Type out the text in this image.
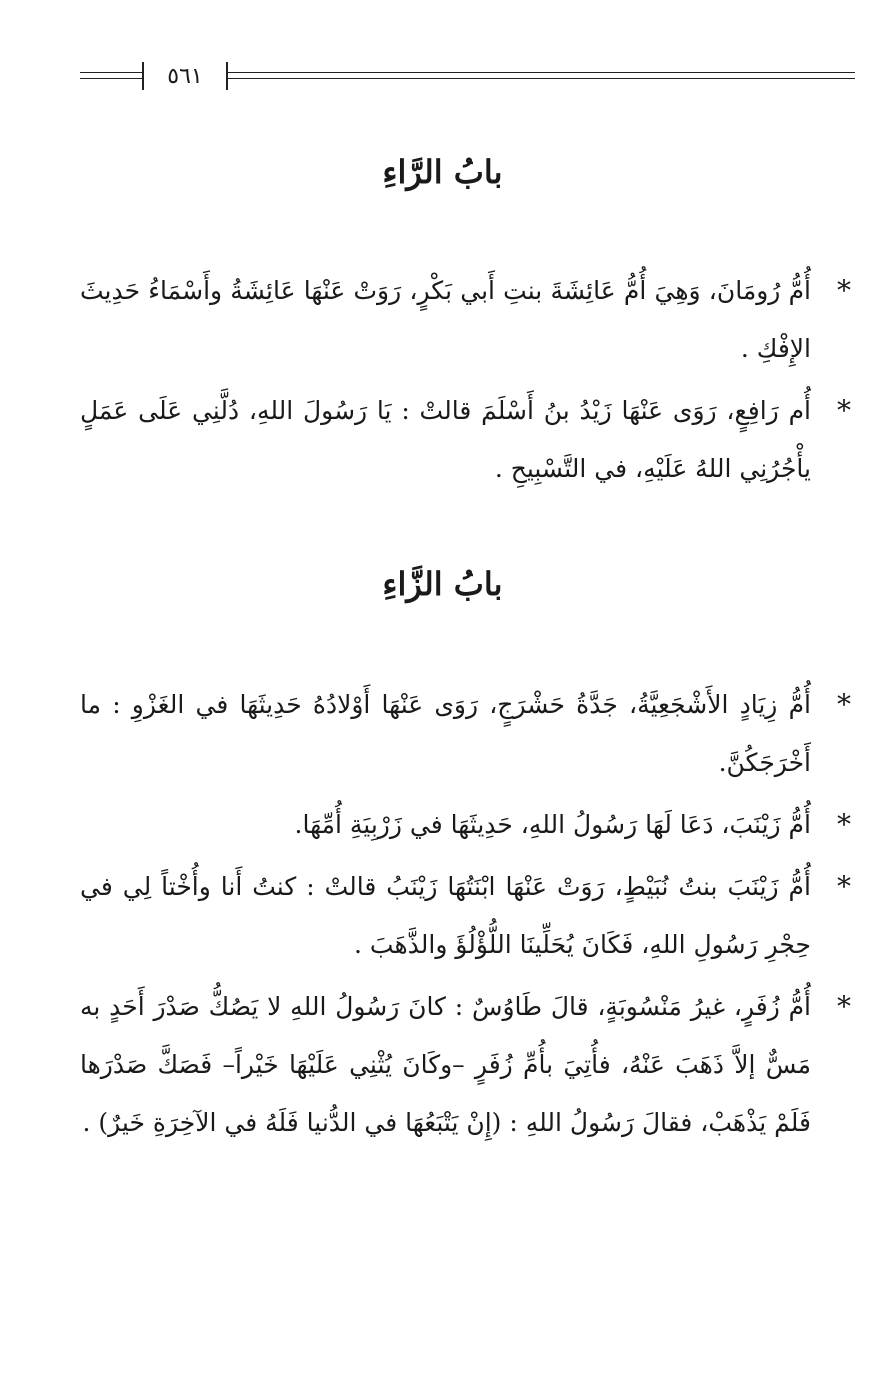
٥٦١
بابُ الرَّاءِ

*
أُمُّ رُومَانَ، وَهِيَ أُمُّ عَائِشَةَ بنتِ أَبي بَكْرٍ، رَوَتْ عَنْهَا عَائِشَةُ وأَسْمَاءُ حَدِيثَ الإِفْكِ .

*
أُم رَافِعٍ، رَوَى عَنْهَا زَيْدُ بنُ أَسْلَمَ قالتْ : يَا رَسُولَ اللهِ، دُلَّنِي عَلَى عَمَلٍ يأْجُرُنِي اللهُ عَلَيْهِ، في التَّسْبِيحِ .

بابُ الزَّاءِ

*
أُمُّ زِيَادٍ الأَشْجَعِيَّةُ، جَدَّةُ حَشْرَجٍ، رَوَى عَنْهَا أَوْلادُهُ حَدِيثَهَا في الغَزْوِ : ما أَخْرَجَكُنَّ.

*
أُمُّ زَيْنَبَ، دَعَا لَهَا رَسُولُ اللهِ، حَدِيثَهَا في زَرْبِيَةِ أُمِّهَا.

*
أُمُّ زَيْنَبَ بنتُ نُبَيْطٍ، رَوَتْ عَنْهَا ابْنَتُهَا زَيْنَبُ قالتْ : كنتُ أَنا وأُخْتاً لِي في حِجْرِ رَسُولِ اللهِ، فَكَانَ يُحَلِّينَا اللُّؤْلُؤَ والذَّهَبَ .

*
أُمُّ زُفَرٍ، غيرُ مَنْسُوبَةٍ، قالَ طَاوُسٌ : كانَ رَسُولُ اللهِ لا يَصُكُّ صَدْرَ أَحَدٍ به مَسٌّ إلاَّ ذَهَبَ عَنْهُ، فأُتِيَ بأُمِّ زُفَرٍ –وكَانَ يُثْنِي عَلَيْهَا خَيْراً– فَصَكَّ صَدْرَها فَلَمْ يَذْهَبْ، فقالَ رَسُولُ اللهِ : (إِنْ يَتْبَعُهَا في الدُّنيا فَلَهُ في الآخِرَةِ خَيرٌ) .
